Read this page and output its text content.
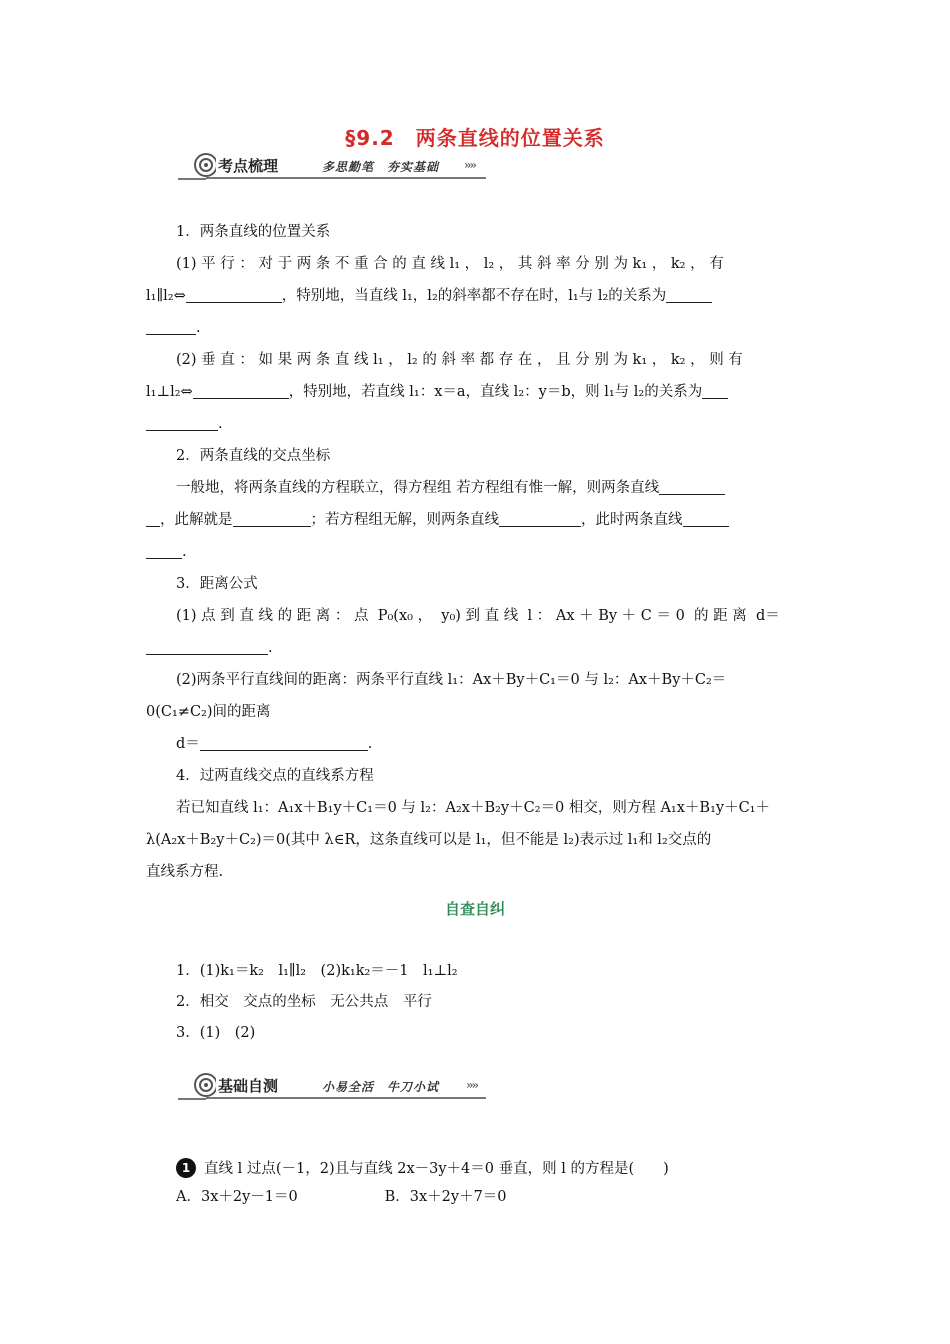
§9.2　两条直线的位置关系
考点梳理	多思勤笔　夯实基础 »»

1．两条直线的位置关系

(1) 平 行 ： 对 于 两 条 不 重 合 的 直 线 l₁ ， l₂ ， 其 斜 率 分 别 为 k₁ ， k₂ ， 有

l₁∥l₂⇔	，特别地，当直线 l₁，l₂的斜率都不存在时，l₁与 l₂的关系为

.

(2) 垂 直 ： 如 果 两 条 直 线 l₁ ， l₂ 的 斜 率 都 存 在 ， 且 分 别 为 k₁ ， k₂ ， 则 有

l₁⊥l₂⇔	，特别地，若直线 l₁：x＝a，直线 l₂：y＝b，则 l₁与 l₂的关系为

.

2．两条直线的交点坐标

一般地，将两条直线的方程联立，得方程组 若方程组有惟一解，则两条直线

，此解就是	；若方程组无解，则两条直线	，此时两条直线

.

3．距离公式

(1) 点 到 直 线 的 距 离 ： 点  P₀(x₀ ，  y₀) 到 直 线  l ： Ax ＋ By ＋ C ＝ 0  的 距 离  d＝

.

(2)两条平行直线间的距离：两条平行直线 l₁：Ax＋By＋C₁＝0 与 l₂：Ax＋By＋C₂＝

0(C₁≠C₂)间的距离

d＝	.

4．过两直线交点的直线系方程

若已知直线 l₁：A₁x＋B₁y＋C₁＝0 与 l₂：A₂x＋B₂y＋C₂＝0 相交，则方程 A₁x＋B₁y＋C₁＋

λ(A₂x＋B₂y＋C₂)＝0(其中 λ∈R，这条直线可以是 l₁，但不能是 l₂)表示过 l₁和 l₂交点的

直线系方程.

自查自纠
1．(1)k₁＝k₂　l₁∥l₂　(2)k₁k₂＝－1　l₁⊥l₂
2．相交　交点的坐标　无公共点　平行
3．(1)　(2)
基础自测	小易全活　牛刀小试 »»
1 直线 l 过点(－1，2)且与直线 2x－3y＋4＝0 垂直，则 l 的方程是(　　)
A．3x＋2y－1＝0	B．3x＋2y＋7＝0
